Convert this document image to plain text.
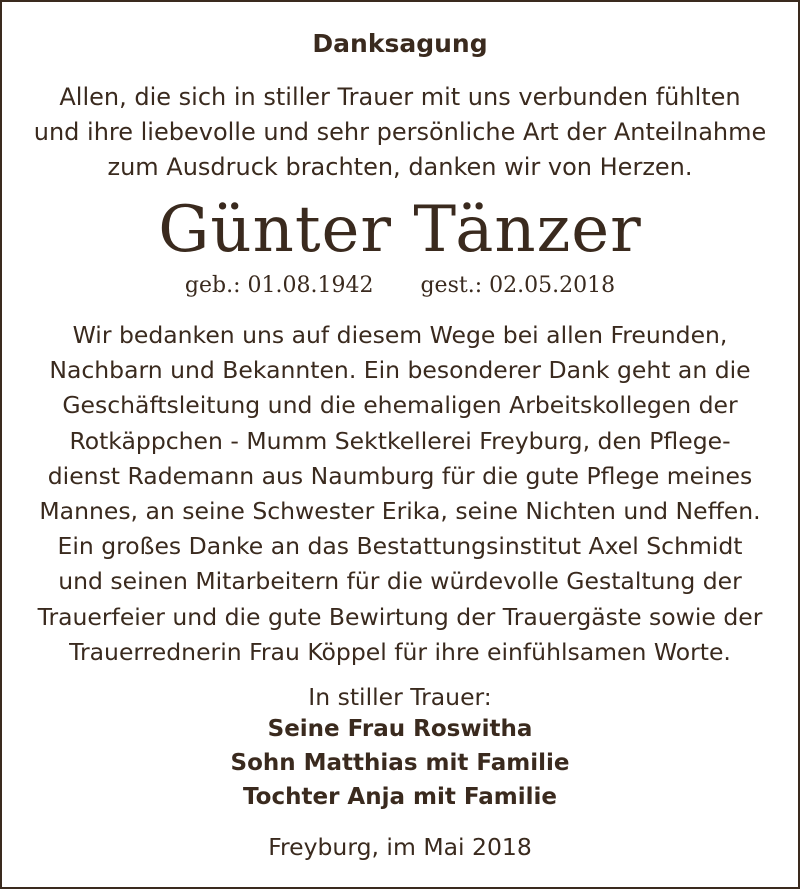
Danksagung
Allen, die sich in stiller Trauer mit uns verbunden fühlten
und ihre liebevolle und sehr persönliche Art der Anteilnahme
zum Ausdruck brachten, danken wir von Herzen.
Günter Tänzer
geb.: 01.08.1942 gest.: 02.05.2018
Wir bedanken uns auf diesem Wege bei allen Freunden,
Nachbarn und Bekannten. Ein besonderer Dank geht an die
Geschäftsleitung und die ehemaligen Arbeitskollegen der
Rotkäppchen - Mumm Sektkellerei Freyburg, den Pflege-
dienst Rademann aus Naumburg für die gute Pflege meines
Mannes, an seine Schwester Erika, seine Nichten und Neffen.
Ein großes Danke an das Bestattungsinstitut Axel Schmidt
und seinen Mitarbeitern für die würdevolle Gestaltung der
Trauerfeier und die gute Bewirtung der Trauergäste sowie der
Trauerrednerin Frau Köppel für ihre einfühlsamen Worte.
In stiller Trauer:
Seine Frau Roswitha
Sohn Matthias mit Familie
Tochter Anja mit Familie
Freyburg, im Mai 2018
